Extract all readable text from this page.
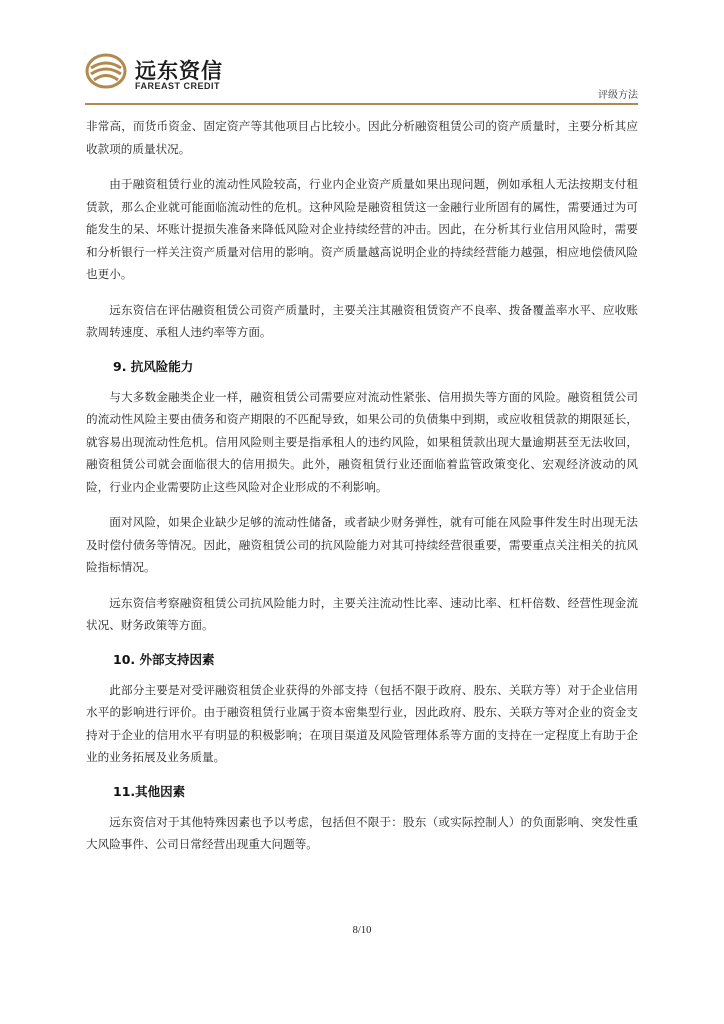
远东资信
FAREAST CREDIT
评级方法

非常高，而货币资金、固定资产等其他项目占比较小。因此分析融资租赁公司的资产质量时，主要分析其应收款项的质量状况。

由于融资租赁行业的流动性风险较高，行业内企业资产质量如果出现问题，例如承租人无法按期支付租赁款，那么企业就可能面临流动性的危机。这种风险是融资租赁这一金融行业所固有的属性，需要通过为可能发生的呆、坏账计提损失准备来降低风险对企业持续经营的冲击。因此，在分析其行业信用风险时，需要和分析银行一样关注资产质量对信用的影响。资产质量越高说明企业的持续经营能力越强，相应地偿债风险也更小。

远东资信在评估融资租赁公司资产质量时，主要关注其融资租赁资产不良率、拨备覆盖率水平、应收账款周转速度、承租人违约率等方面。

9. 抗风险能力

与大多数金融类企业一样，融资租赁公司需要应对流动性紧张、信用损失等方面的风险。融资租赁公司的流动性风险主要由债务和资产期限的不匹配导致，如果公司的负债集中到期，或应收租赁款的期限延长，就容易出现流动性危机。信用风险则主要是指承租人的违约风险，如果租赁款出现大量逾期甚至无法收回，融资租赁公司就会面临很大的信用损失。此外，融资租赁行业还面临着监管政策变化、宏观经济波动的风险，行业内企业需要防止这些风险对企业形成的不利影响。

面对风险，如果企业缺少足够的流动性储备，或者缺少财务弹性，就有可能在风险事件发生时出现无法及时偿付债务等情况。因此，融资租赁公司的抗风险能力对其可持续经营很重要，需要重点关注相关的抗风险指标情况。

远东资信考察融资租赁公司抗风险能力时，主要关注流动性比率、速动比率、杠杆倍数、经营性现金流状况、财务政策等方面。

10. 外部支持因素

此部分主要是对受评融资租赁企业获得的外部支持（包括不限于政府、股东、关联方等）对于企业信用水平的影响进行评价。由于融资租赁行业属于资本密集型行业，因此政府、股东、关联方等对企业的资金支持对于企业的信用水平有明显的积极影响；在项目渠道及风险管理体系等方面的支持在一定程度上有助于企业的业务拓展及业务质量。

11.其他因素

远东资信对于其他特殊因素也予以考虑，包括但不限于：股东（或实际控制人）的负面影响、突发性重大风险事件、公司日常经营出现重大问题等。

8/10
